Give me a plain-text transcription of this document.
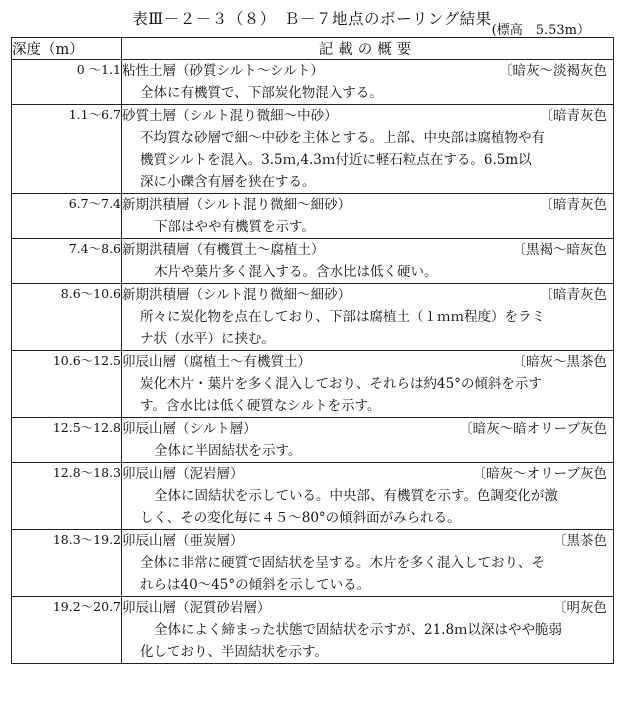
表Ⅲ－２－３（８）　Ｂ－７地点のボーリング結果
(標高　5.53m）
深度（m）	記載の概要
0 ～1.1	粘性土層（砂質シルト～シルト） 〔暗灰～淡褐灰色
全体に有機質で、下部炭化物混入する。

1.1～6.7	砂質土層（シルト混り微細～中砂） 〔暗青灰色
不均質な砂層で細～中砂を主体とする。上部、中央部は腐植物や有
機質シルトを混入。3.5ｍ,4.3ｍ付近に軽石粒点在する。6.5m以
深に小礫含有層を狭在する。

6.7～7.4	新期洪積層（シルト混り微細～細砂） 〔暗青灰色
下部はやや有機質を示す。

7.4～8.6	新期洪積層（有機質土～腐植土） 〔黒褐～暗灰色
木片や葉片多く混入する。含水比は低く硬い。

8.6～10.6	新期洪積層（シルト混り微細～細砂） 〔暗青灰色
所々に炭化物を点在しており、下部は腐植土（１ｍｍ程度）をラミ
ナ状（水平）に挟む。

10.6～12.5	卯辰山層（腐植土～有機質土） 〔暗灰～黒茶色
炭化木片・葉片を多く混入しており、それらは約45°の傾斜を示す
す。含水比は低く硬質なシルトを示す。

12.5～12.8	卯辰山層（シルト層） 〔暗灰～暗オリーブ灰色
全体に半固結状を示す。

12.8～18.3	卯辰山層（泥岩層） 〔暗灰～オリーブ灰色
全体に固結状を示している。中央部、有機質を示す。色調変化が激
しく、その変化毎に４５～80°の傾斜面がみられる。

18.3～19.2	卯辰山層（亜炭層） 〔黒茶色
全体に非常に硬質で固結状を呈する。木片を多く混入しており、そ
れらは40～45°の傾斜を示している。

19.2～20.7	卯辰山層（泥質砂岩層） 〔明灰色
全体によく締まった状態で固結状を示すが、21.8ｍ以深はやや脆弱
化しており、半固結状を示す。
